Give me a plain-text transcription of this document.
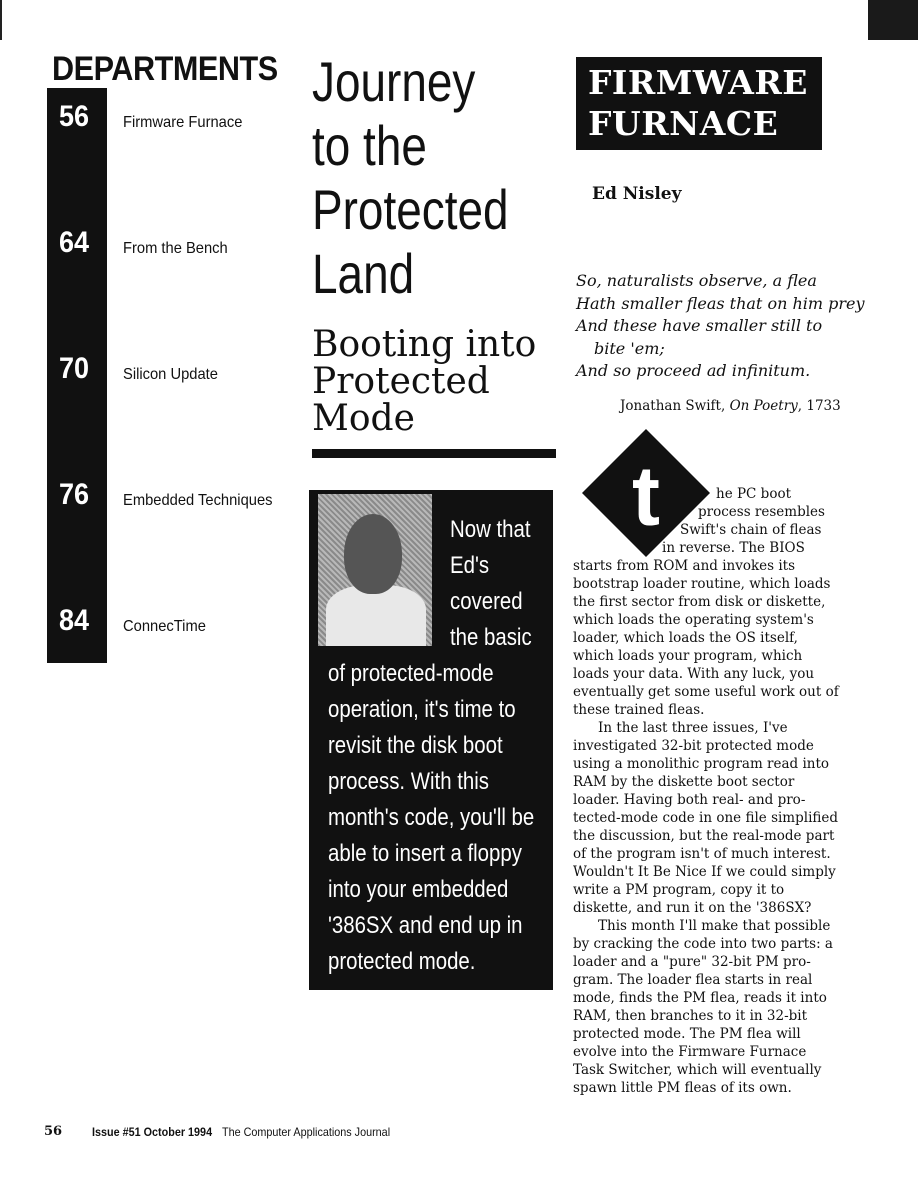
DEPARTMENTS
56 Firmware Furnace
64 From the Bench
70 Silicon Update
76 Embedded Techniques
84 ConnecTime
Journey
to the
Protected
Land
Booting into
Protected
Mode
Now that
Ed's
covered
the basic
of protected-mode
operation, it's time to
revisit the disk boot
process. With this
month's code, you'll be
able to insert a floppy
into your embedded
'386SX and end up in
protected mode.
FIRMWARE
FURNACE
Ed Nisley
So, naturalists observe, a flea
Hath smaller fleas that on him prey
And these have smaller still to
bite 'em;
And so proceed ad infinitum.
Jonathan Swift, On Poetry, 1733
t	he PC boot
process resembles
Swift's chain of fleas
in reverse. The BIOS
starts from ROM and invokes its
bootstrap loader routine, which loads
the first sector from disk or diskette,
which loads the operating system's
loader, which loads the OS itself,
which loads your program, which
loads your data. With any luck, you
eventually get some useful work out of
these trained fleas.
In the last three issues, I've
investigated 32-bit protected mode
using a monolithic program read into
RAM by the diskette boot sector
loader. Having both real- and pro-
tected-mode code in one file simplified
the discussion, but the real-mode part
of the program isn't of much interest.
Wouldn't It Be Nice If we could simply
write a PM program, copy it to
diskette, and run it on the '386SX?
This month I'll make that possible
by cracking the code into two parts: a
loader and a "pure" 32-bit PM pro-
gram. The loader flea starts in real
mode, finds the PM flea, reads it into
RAM, then branches to it in 32-bit
protected mode. The PM flea will
evolve into the Firmware Furnace
Task Switcher, which will eventually
spawn little PM fleas of its own.
56 Issue #51 October 1994 The Computer Applications Journal
